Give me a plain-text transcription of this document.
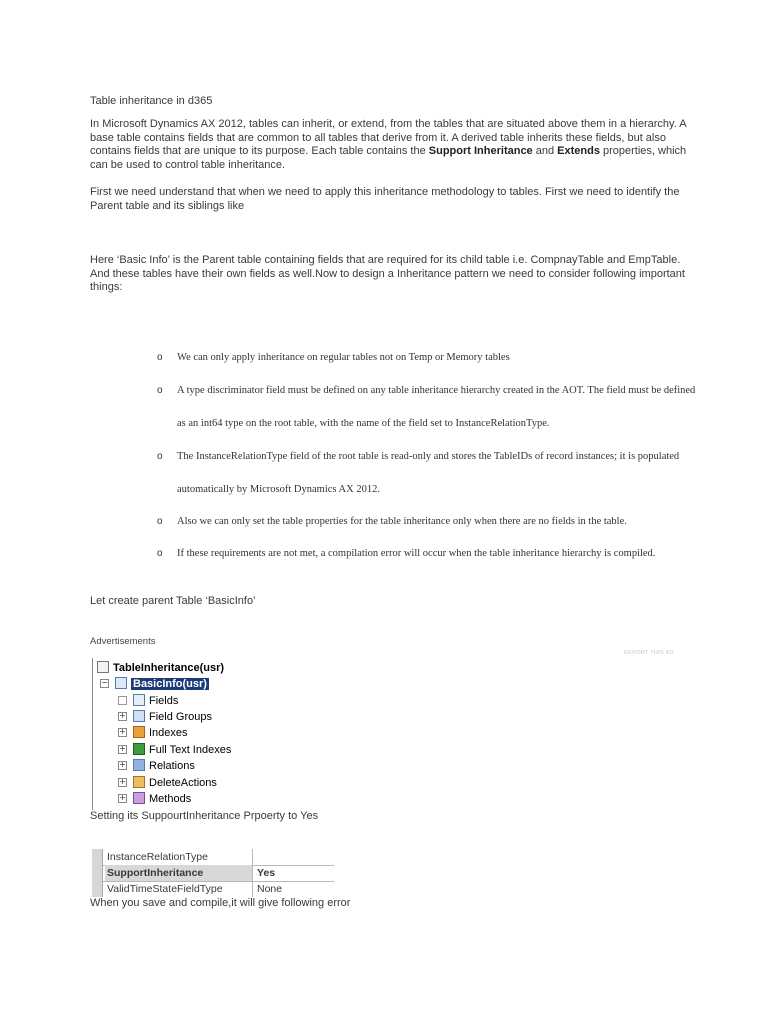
Table inheritance in d365
In Microsoft Dynamics AX 2012, tables can inherit, or extend, from the tables that are situated above them in a hierarchy. A base table contains fields that are common to all tables that derive from it. A derived table inherits these fields, but also contains fields that are unique to its purpose. Each table contains the Support Inheritance and Extends properties, which can be used to control table inheritance.
First we need understand that when we need to apply this inheritance methodology to tables. First we need to identify the Parent table and its siblings like
Here ‘Basic Info’ is the Parent table containing fields that are required for its child table i.e. CompnayTable and EmpTable. And these tables have their own fields as well.Now to design a Inheritance pattern we need to consider following important things:
o We can only apply inheritance on regular tables not on Temp or Memory tables
o A type discriminator field must be defined on any table inheritance hierarchy created in the AOT. The field must be defined as an int64 type on the root table, with the name of the field set to InstanceRelationType.
o The InstanceRelationType field of the root table is read-only and stores the TableIDs of record instances; it is populated automatically by Microsoft Dynamics AX 2012.
o Also we can only set the table properties for the table inheritance only when there are no fields in the table.
o If these requirements are not met, a compilation error will occur when the table inheritance hierarchy is compiled.
Let create parent Table ‘BasicInfo’
Advertisements
REPORT THIS AD
TableInheritance(usr)
−	BasicInfo(usr)
Fields
+	Field Groups
+	Indexes
+	Full Text Indexes
+	Relations
+	DeleteActions
+	Methods
Setting its SuppourtInheritance Prpoerty to Yes
InstanceRelationType
SupportInheritance	Yes
ValidTimeStateFieldType	None
When you save and compile,it will give following error
